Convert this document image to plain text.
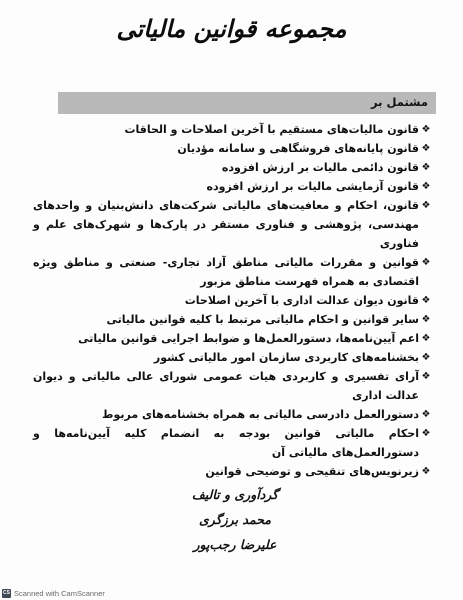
مجموعه قوانین مالیاتی
مشتمل بر
❖
قانون مالیات‌های مستقیم با آخرین اصلاحات و الحاقات
❖
قانون پایانه‌های فروشگاهی و سامانه مؤدیان
❖
قانون دائمی مالیات بر ارزش افزوده
❖
قانون آزمایشی مالیات بر ارزش افزوده
❖
قانون، احکام و معافیت‌های مالیاتی شرکت‌های دانش‌بنیان و واحدهای مهندسی، پژوهشی و فناوری مستقر در پارک‌ها و شهرک‌های علم و فناوری
❖
قوانین و مقررات مالیاتی مناطق آزاد تجاری- صنعتی و مناطق ویژه اقتصادی به همراه فهرست مناطق مزبور
❖
قانون دیوان عدالت اداری با آخرین اصلاحات
❖
سایر قوانین و احکام مالیاتی مرتبط با کلیه قوانین مالیاتی
❖
اعم آیین‌نامه‌ها، دستورالعمل‌ها و ضوابط اجرایی قوانین مالیاتی
❖
بخشنامه‌های کاربردی سازمان امور مالیاتی کشور
❖
آرای تفسیری و کاربردی هیات عمومی شورای عالی مالیاتی و دیوان عدالت اداری
❖
دستورالعمل دادرسی مالیاتی به همراه بخشنامه‌های مربوط
❖
احکام مالیاتی قوانین بودجه به انضمام کلیه آیین‌نامه‌ها و دستورالعمل‌های مالیاتی آن
❖
زیرنویس‌های تنقیحی و توضیحی قوانین
گردآوری و تالیف
محمد برزگری
علیرضا رجب‌پور
CS Scanned with CamScanner
